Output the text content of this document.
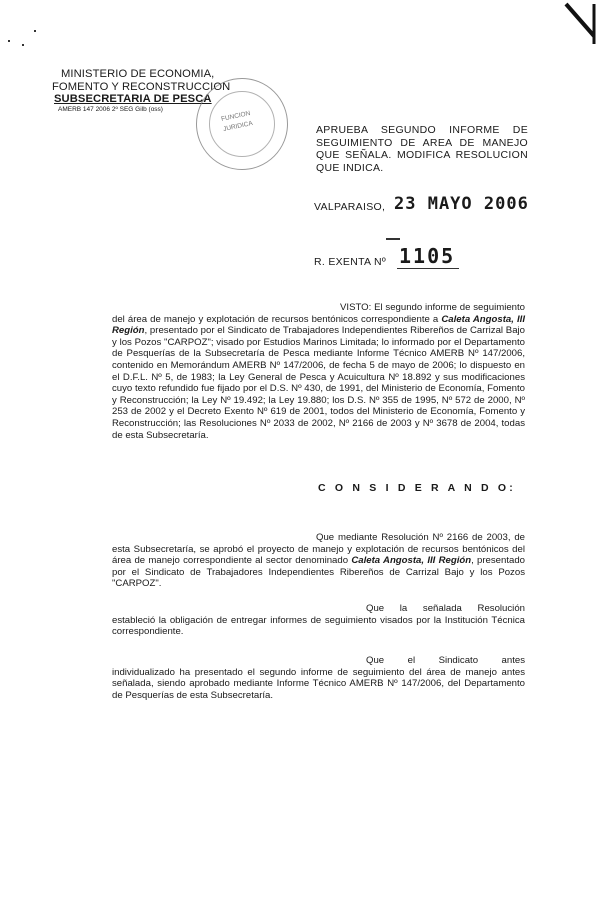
MINISTERIO DE ECONOMIA,
FOMENTO Y RECONSTRUCCION
SUBSECRETARIA DE PESCA
AMERB 147 2006 2º SEG Gilb (oss)
FUNCION
JURIDICA	APRUEBA SEGUNDO INFORME DE SEGUIMIENTO DE AREA DE MANEJO QUE SEÑALA. MODIFICA RESOLUCION QUE INDICA.
VALPARAISO, 23 MAYO 2006
R. EXENTA Nº 1105
VISTO: El segundo informe de seguimiento del área de manejo y explotación de recursos bentónicos correspondiente a Caleta Angosta, III Región, presentado por el Sindicato de Trabajadores Independientes Ribereños de Carrizal Bajo y los Pozos "CARPOZ"; visado por Estudios Marinos Limitada; lo informado por el Departamento de Pesquerías de la Subsecretaría de Pesca mediante Informe Técnico AMERB Nº 147/2006, contenido en Memorándum AMERB Nº 147/2006, de fecha 5 de mayo de 2006; lo dispuesto en el D.F.L. Nº 5, de 1983; la Ley General de Pesca y Acuicultura Nº 18.892 y sus modificaciones cuyo texto refundido fue fijado por el D.S. Nº 430, de 1991, del Ministerio de Economía, Fomento y Reconstrucción; la Ley Nº 19.492; la Ley 19.880; los D.S. Nº 355 de 1995, Nº 572 de 2000, Nº 253 de 2002 y el Decreto Exento Nº 619 de 2001, todos del Ministerio de Economía, Fomento y Reconstrucción; las Resoluciones Nº 2033 de 2002, Nº 2166 de 2003 y Nº 3678 de 2004, todas de esta Subsecretaría.
C O N S I D E R A N D O:
Que mediante Resolución Nº 2166 de 2003, de esta Subsecretaría, se aprobó el proyecto de manejo y explotación de recursos bentónicos del área de manejo correspondiente al sector denominado Caleta Angosta, III Región, presentado por el Sindicato de Trabajadores Independientes Ribereños de Carrizal Bajo y los Pozos "CARPOZ".
Que la señalada Resolución estableció la obligación de entregar informes de seguimiento visados por la Institución Técnica correspondiente.
Que el Sindicato antes individualizado ha presentado el segundo informe de seguimiento del área de manejo antes señalada, siendo aprobado mediante Informe Técnico AMERB Nº 147/2006, del Departamento de Pesquerías de esta Subsecretaría.
